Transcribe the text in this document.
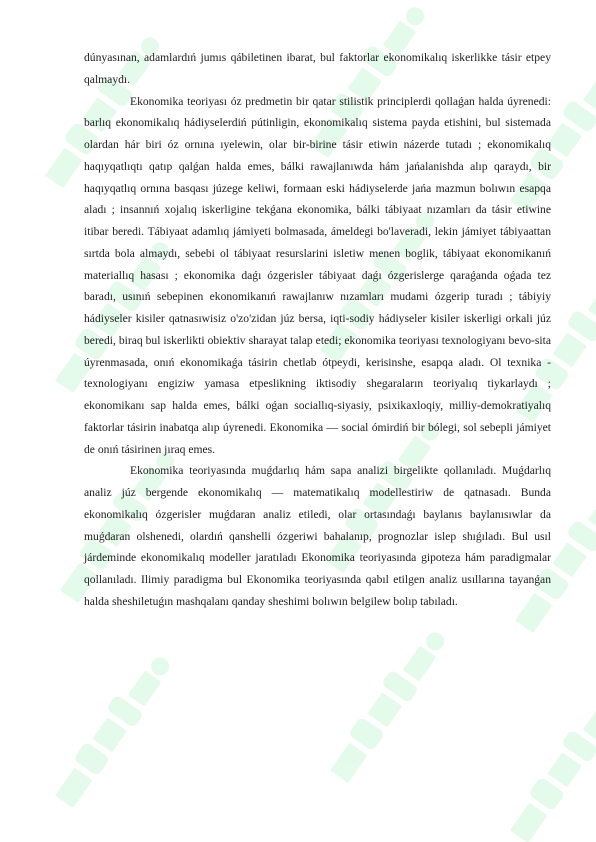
dúnyasınan, adamlardıń jumıs qábiletinen ibarat, bul faktorlar ekonomikalıq iskerlikke tásir etpey qalmaydı.

Ekonomika teoriyası óz predmetin bir qatar stilistik principlerdi qollaǵan halda úyrenedi: barlıq ekonomikalıq hádiyselerdiń pútinligin, ekonomikalıq sistema payda etishini, bul sistemada olardan hár biri óz ornına ıyelewin, olar bir-birine tásir etiwin názerde tutadı ; ekonomikalıq haqıyqatlıqtı qatıp qalǵan halda emes, bálki rawajlanıwda hám jańalanishda alıp qaraydı, bir haqıyqatlıq ornına basqası júzege keliwi, formaan eski hádiyselerde jańa mazmun bolıwın esapqa aladı ; insannıń xojalıq iskerligine tekǵana ekonomika, bálki tábiyaat nızamları da tásir etiwine itibar beredi. Tábiyaat adamlıq jámiyeti bolmasada, ámeldegi bo'laveradi, lekin jámiyet tábiyaattan sırtda bola almaydı, sebebi ol tábiyaat resurslarini isletiw menen boglik, tábiyaat ekonomikanıń materiallıq hasası ; ekonomika daǵı ózgerisler tábiyaat daǵı ózgerislerge qaraǵanda oǵada tez baradı, usınıń sebepinen ekonomikanıń rawajlanıw nızamları mudami ózgerip turadı ; tábiyiy hádiyseler kisiler qatnasıwisiz o'zo'zidan júz bersa, iqti-sodiy hádiyseler kisiler iskerligi orkali júz beredi, biraq bul iskerlikti obiektiv sharayat talap etedi; ekonomika teoriyası texnologiyanı bevo-sita úyrenmasada, onıń ekonomikaǵa tásirin chetlab ótpeydi, kerisinshe, esapqa aladı. Ol texnika -texnologiyanı engiziw yamasa etpeslikning iktisodiy shegaraların teoriyalıq tiykarlaydı ; ekonomikanı sap halda emes, bálki oǵan sociallıq-siyasiy, psixikaxloqiy, milliy-demokratiyalıq faktorlar tásirin inabatqa alıp úyrenedi. Ekonomika — social ómirdiń bir bólegi, sol sebepli jámiyet de onıń tásirinen jıraq emes.

Ekonomika teoriyasında muǵdarlıq hám sapa analizi birgelikte qollanıladı. Muǵdarlıq analiz júz bergende ekonomikalıq — matematikalıq modellestiriw de qatnasadı. Bunda ekonomikalıq ózgerisler muǵdaran analiz etiledi, olar ortasındaǵı baylanıs baylanısıwlar da muǵdaran olshenedi, olardıń qanshelli ózgeriwi bahalanıp, prognozlar islep shıǵıladı. Bul usıl járdeminde ekonomikalıq modeller jaratıladı Ekonomika teoriyasında gipoteza hám paradigmalar qollanıladı. Ilimiy paradigma bul Ekonomika teoriyasında qabıl etilgen analiz usıllarına tayanǵan halda sheshiletuǵın mashqalanı qanday sheshimi bolıwın belgilew bolıp tabıladı.
